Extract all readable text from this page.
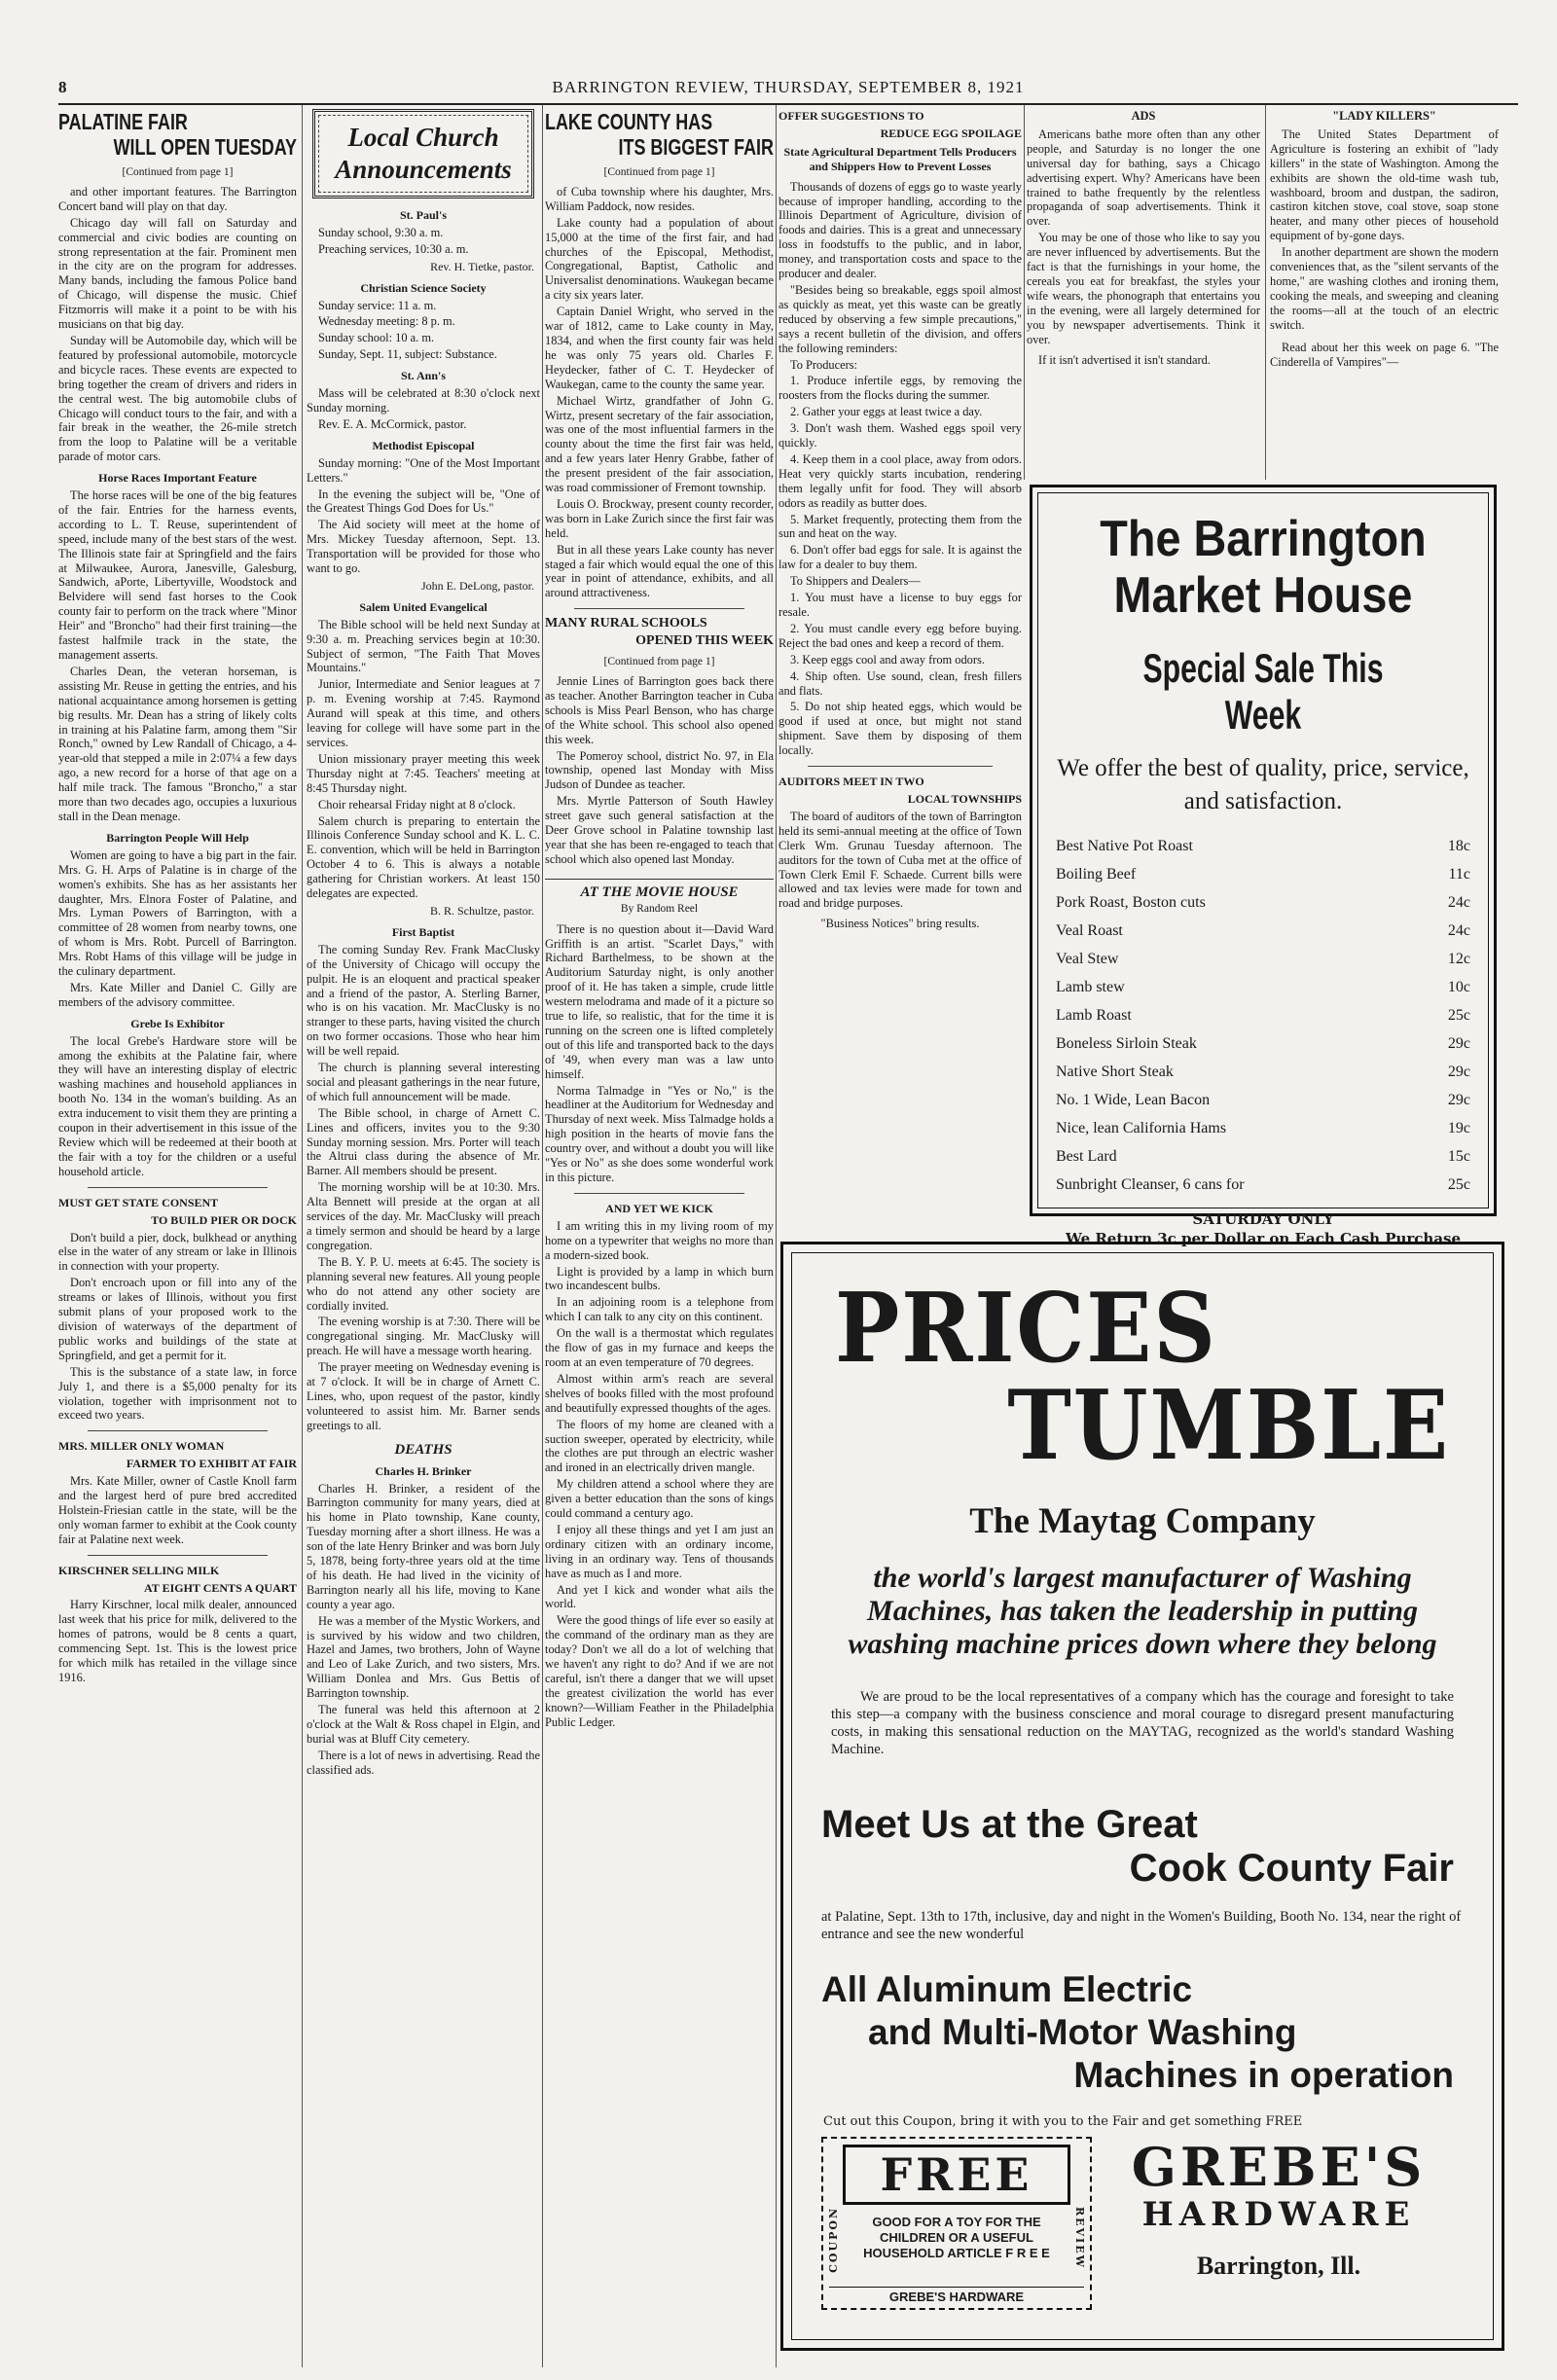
8	BARRINGTON REVIEW, THURSDAY, SEPTEMBER 8, 1921

PALATINE FAIR

WILL OPEN TUESDAY

[Continued from page 1]

and other important features. The Barrington Concert band will play on that day.

Chicago day will fall on Saturday and commercial and civic bodies are counting on strong representation at the fair. Prominent men in the city are on the program for addresses. Many bands, including the famous Police band of Chicago, will dispense the music. Chief Fitzmorris will make it a point to be with his musicians on that big day.

Sunday will be Automobile day, which will be featured by professional automobile, motorcycle and bicycle races. These events are expected to bring together the cream of drivers and riders in the central west. The big automobile clubs of Chicago will conduct tours to the fair, and with a fair break in the weather, the 26-mile stretch from the loop to Palatine will be a veritable parade of motor cars.

Horse Races Important Feature

The horse races will be one of the big features of the fair. Entries for the harness events, according to L. T. Reuse, superintendent of speed, include many of the best stars of the west. The Illinois state fair at Springfield and the fairs at Milwaukee, Aurora, Janesville, Galesburg, Sandwich, aPorte, Libertyville, Woodstock and Belvidere will send fast horses to the Cook county fair to perform on the track where "Minor Heir" and "Broncho" had their first training—the fastest halfmile track in the state, the management asserts.

Charles Dean, the veteran horseman, is assisting Mr. Reuse in getting the entries, and his national acquaintance among horsemen is getting big results. Mr. Dean has a string of likely colts in training at his Palatine farm, among them "Sir Ronch," owned by Lew Randall of Chicago, a 4-year-old that stepped a mile in 2:07¼ a few days ago, a new record for a horse of that age on a half mile track. The famous "Broncho," a star more than two decades ago, occupies a luxurious stall in the Dean menage.

Barrington People Will Help

Women are going to have a big part in the fair. Mrs. G. H. Arps of Palatine is in charge of the women's exhibits. She has as her assistants her daughter, Mrs. Elnora Foster of Palatine, and Mrs. Lyman Powers of Barrington, with a committee of 28 women from nearby towns, one of whom is Mrs. Robt. Purcell of Barrington. Mrs. Robt Hams of this village will be judge in the culinary department.

Mrs. Kate Miller and Daniel C. Gilly are members of the advisory committee.

Grebe Is Exhibitor

The local Grebe's Hardware store will be among the exhibits at the Palatine fair, where they will have an interesting display of electric washing machines and household appliances in booth No. 134 in the woman's building. As an extra inducement to visit them they are printing a coupon in their advertisement in this issue of the Review which will be redeemed at their booth at the fair with a toy for the children or a useful household article.

MUST GET STATE CONSENT

TO BUILD PIER OR DOCK

Don't build a pier, dock, bulkhead or anything else in the water of any stream or lake in Illinois in connection with your property.

Don't encroach upon or fill into any of the streams or lakes of Illinois, without you first submit plans of your proposed work to the division of waterways of the department of public works and buildings of the state at Springfield, and get a permit for it.

This is the substance of a state law, in force July 1, and there is a $5,000 penalty for its violation, together with imprisonment not to exceed two years.

MRS. MILLER ONLY WOMAN

FARMER TO EXHIBIT AT FAIR

Mrs. Kate Miller, owner of Castle Knoll farm and the largest herd of pure bred accredited Holstein-Friesian cattle in the state, will be the only woman farmer to exhibit at the Cook county fair at Palatine next week.

KIRSCHNER SELLING MILK

AT EIGHT CENTS A QUART

Harry Kirschner, local milk dealer, announced last week that his price for milk, delivered to the homes of patrons, would be 8 cents a quart, commencing Sept. 1st. This is the lowest price for which milk has retailed in the village since 1916.

Local Church
Announcements

St. Paul's

Sunday school, 9:30 a. m.

Preaching services, 10:30 a. m.

Rev. H. Tietke, pastor.

Christian Science Society

Sunday service: 11 a. m.

Wednesday meeting: 8 p. m.

Sunday school: 10 a. m.

Sunday, Sept. 11, subject: Substance.

St. Ann's

Mass will be celebrated at 8:30 o'clock next Sunday morning.

Rev. E. A. McCormick, pastor.

Methodist Episcopal

Sunday morning: "One of the Most Important Letters."

In the evening the subject will be, "One of the Greatest Things God Does for Us."

The Aid society will meet at the home of Mrs. Mickey Tuesday afternoon, Sept. 13. Transportation will be provided for those who want to go.

John E. DeLong, pastor.

Salem United Evangelical

The Bible school will be held next Sunday at 9:30 a. m. Preaching services begin at 10:30. Subject of sermon, "The Faith That Moves Mountains."

Junior, Intermediate and Senior leagues at 7 p. m. Evening worship at 7:45. Raymond Aurand will speak at this time, and others leaving for college will have some part in the services.

Union missionary prayer meeting this week Thursday night at 7:45. Teachers' meeting at 8:45 Thursday night.

Choir rehearsal Friday night at 8 o'clock.

Salem church is preparing to entertain the Illinois Conference Sunday school and K. L. C. E. convention, which will be held in Barrington October 4 to 6. This is always a notable gathering for Christian workers. At least 150 delegates are expected.

B. R. Schultze, pastor.

First Baptist

The coming Sunday Rev. Frank MacClusky of the University of Chicago will occupy the pulpit. He is an eloquent and practical speaker and a friend of the pastor, A. Sterling Barner, who is on his vacation. Mr. MacClusky is no stranger to these parts, having visited the church on two former occasions. Those who hear him will be well repaid.

The church is planning several interesting social and pleasant gatherings in the near future, of which full announcement will be made.

The Bible school, in charge of Arnett C. Lines and officers, invites you to the 9:30 Sunday morning session. Mrs. Porter will teach the Altrui class during the absence of Mr. Barner. All members should be present.

The morning worship will be at 10:30. Mrs. Alta Bennett will preside at the organ at all services of the day. Mr. MacClusky will preach a timely sermon and should be heard by a large congregation.

The B. Y. P. U. meets at 6:45. The society is planning several new features. All young people who do not attend any other society are cordially invited.

The evening worship is at 7:30. There will be congregational singing. Mr. MacClusky will preach. He will have a message worth hearing.

The prayer meeting on Wednesday evening is at 7 o'clock. It will be in charge of Arnett C. Lines, who, upon request of the pastor, kindly volunteered to assist him. Mr. Barner sends greetings to all.

DEATHS

Charles H. Brinker

Charles H. Brinker, a resident of the Barrington community for many years, died at his home in Plato township, Kane county, Tuesday morning after a short illness. He was a son of the late Henry Brinker and was born July 5, 1878, being forty-three years old at the time of his death. He had lived in the vicinity of Barrington nearly all his life, moving to Kane county a year ago.

He was a member of the Mystic Workers, and is survived by his widow and two children, Hazel and James, two brothers, John of Wayne and Leo of Lake Zurich, and two sisters, Mrs. William Donlea and Mrs. Gus Bettis of Barrington township.

The funeral was held this afternoon at 2 o'clock at the Walt & Ross chapel in Elgin, and burial was at Bluff City cemetery.

There is a lot of news in advertising. Read the classified ads.

LAKE COUNTY HAS

ITS BIGGEST FAIR

[Continued from page 1]

of Cuba township where his daughter, Mrs. William Paddock, now resides.

Lake county had a population of about 15,000 at the time of the first fair, and had churches of the Episcopal, Methodist, Congregational, Baptist, Catholic and Universalist denominations. Waukegan became a city six years later.

Captain Daniel Wright, who served in the war of 1812, came to Lake county in May, 1834, and when the first county fair was held he was only 75 years old. Charles F. Heydecker, father of C. T. Heydecker of Waukegan, came to the county the same year.

Michael Wirtz, grandfather of John G. Wirtz, present secretary of the fair association, was one of the most influential farmers in the county about the time the first fair was held, and a few years later Henry Grabbe, father of the present president of the fair association, was road commissioner of Fremont township.

Louis O. Brockway, present county recorder, was born in Lake Zurich since the first fair was held.

But in all these years Lake county has never staged a fair which would equal the one of this year in point of attendance, exhibits, and all around attractiveness.

MANY RURAL SCHOOLS

OPENED THIS WEEK

[Continued from page 1]

Jennie Lines of Barrington goes back there as teacher. Another Barrington teacher in Cuba schools is Miss Pearl Benson, who has charge of the White school. This school also opened this week.

The Pomeroy school, district No. 97, in Ela township, opened last Monday with Miss Judson of Dundee as teacher.

Mrs. Myrtle Patterson of South Hawley street gave such general satisfaction at the Deer Grove school in Palatine township last year that she has been re-engaged to teach that school which also opened last Monday.

AT THE MOVIE HOUSE

By Random Reel

There is no question about it—David Ward Griffith is an artist. "Scarlet Days," with Richard Barthelmess, to be shown at the Auditorium Saturday night, is only another proof of it. He has taken a simple, crude little western melodrama and made of it a picture so true to life, so realistic, that for the time it is running on the screen one is lifted completely out of this life and transported back to the days of '49, when every man was a law unto himself.

Norma Talmadge in "Yes or No," is the headliner at the Auditorium for Wednesday and Thursday of next week. Miss Talmadge holds a high position in the hearts of movie fans the country over, and without a doubt you will like "Yes or No" as she does some wonderful work in this picture.

AND YET WE KICK

I am writing this in my living room of my home on a typewriter that weighs no more than a modern-sized book.

Light is provided by a lamp in which burn two incandescent bulbs.

In an adjoining room is a telephone from which I can talk to any city on this continent.

On the wall is a thermostat which regulates the flow of gas in my furnace and keeps the room at an even temperature of 70 degrees.

Almost within arm's reach are several shelves of books filled with the most profound and beautifully expressed thoughts of the ages.

The floors of my home are cleaned with a suction sweeper, operated by electricity, while the clothes are put through an electric washer and ironed in an electrically driven mangle.

My children attend a school where they are given a better education than the sons of kings could command a century ago.

I enjoy all these things and yet I am just an ordinary citizen with an ordinary income, living in an ordinary way. Tens of thousands have as much as I and more.

And yet I kick and wonder what ails the world.

Were the good things of life ever so easily at the command of the ordinary man as they are today? Don't we all do a lot of welching that we haven't any right to do? And if we are not careful, isn't there a danger that we will upset the greatest civilization the world has ever known?—William Feather in the Philadelphia Public Ledger.

OFFER SUGGESTIONS TO

REDUCE EGG SPOILAGE

State Agricultural Department Tells Producers and Shippers How to Prevent Losses

Thousands of dozens of eggs go to waste yearly because of improper handling, according to the Illinois Department of Agriculture, division of foods and dairies. This is a great and unnecessary loss in foodstuffs to the public, and in labor, money, and transportation costs and space to the producer and dealer.

"Besides being so breakable, eggs spoil almost as quickly as meat, yet this waste can be greatly reduced by observing a few simple precautions," says a recent bulletin of the division, and offers the following reminders:

To Producers:

1. Produce infertile eggs, by removing the roosters from the flocks during the summer.

2. Gather your eggs at least twice a day.

3. Don't wash them. Washed eggs spoil very quickly.

4. Keep them in a cool place, away from odors. Heat very quickly starts incubation, rendering them legally unfit for food. They will absorb odors as readily as butter does.

5. Market frequently, protecting them from the sun and heat on the way.

6. Don't offer bad eggs for sale. It is against the law for a dealer to buy them.

To Shippers and Dealers—

1. You must have a license to buy eggs for resale.

2. You must candle every egg before buying. Reject the bad ones and keep a record of them.

3. Keep eggs cool and away from odors.

4. Ship often. Use sound, clean, fresh fillers and flats.

5. Do not ship heated eggs, which would be good if used at once, but might not stand shipment. Save them by disposing of them locally.

AUDITORS MEET IN TWO

LOCAL TOWNSHIPS

The board of auditors of the town of Barrington held its semi-annual meeting at the office of Town Clerk Wm. Grunau Tuesday afternoon. The auditors for the town of Cuba met at the office of Town Clerk Emil F. Schaede. Current bills were allowed and tax levies were made for town and road and bridge purposes.

"Business Notices" bring results.

ADS

Americans bathe more often than any other people, and Saturday is no longer the one universal day for bathing, says a Chicago advertising expert. Why? Americans have been trained to bathe frequently by the relentless propaganda of soap advertisements. Think it over.

You may be one of those who like to say you are never influenced by advertisements. But the fact is that the furnishings in your home, the cereals you eat for breakfast, the styles your wife wears, the phonograph that entertains you in the evening, were all largely determined for you by newspaper advertisements. Think it over.

If it isn't advertised it isn't standard.

"LADY KILLERS"

The United States Department of Agriculture is fostering an exhibit of "lady killers" in the state of Washington. Among the exhibits are shown the old-time wash tub, washboard, broom and dustpan, the sadiron, castiron kitchen stove, coal stove, soap stone heater, and many other pieces of household equipment of by-gone days.

In another department are shown the modern conveniences that, as the "silent servants of the home," are washing clothes and ironing them, cooking the meals, and sweeping and cleaning the rooms—all at the touch of an electric switch.

Read about her this week on page 6. "The Cinderella of Vampires"—

The Barrington
Market House
Special Sale This Week
We offer the best of quality, price, service, and satisfaction.
Best Native Pot Roast	18c
Boiling Beef	11c
Pork Roast, Boston cuts	24c
Veal Roast	24c
Veal Stew	12c
Lamb stew	10c
Lamb Roast	25c
Boneless Sirloin Steak	29c
Native Short Steak	29c
No. 1 Wide, Lean Bacon	29c
Nice, lean California Hams	19c
Best Lard	15c
Sunbright Cleanser, 6 cans for	25c
SATURDAY ONLY
We Return 3c per Dollar on Each Cash Purchase
PRICES
TUMBLE
The Maytag Company
the world's largest manufacturer of Washing Machines, has taken the leadership in putting washing machine prices down where they belong
We are proud to be the local representatives of a company which has the courage and foresight to take this step—a company with the business conscience and moral courage to disregard present manufacturing costs, in making this sensational reduction on the MAYTAG, recognized as the world's standard Washing Machine.
Meet Us at the Great
Cook County Fair
at Palatine, Sept. 13th to 17th, inclusive, day and night in the Women's Building, Booth No. 134, near the right of entrance and see the new wonderful
All Aluminum Electric
and Multi-Motor Washing
Machines in operation
Cut out this Coupon, bring it with you to the Fair and get something FREE
FREE
COUPON	REVIEW
GOOD FOR A TOY FOR THE CHILDREN OR A USEFUL HOUSEHOLD ARTICLE F R E E
GREBE'S HARDWARE
GREBE'S
HARDWARE
Barrington, Ill.
